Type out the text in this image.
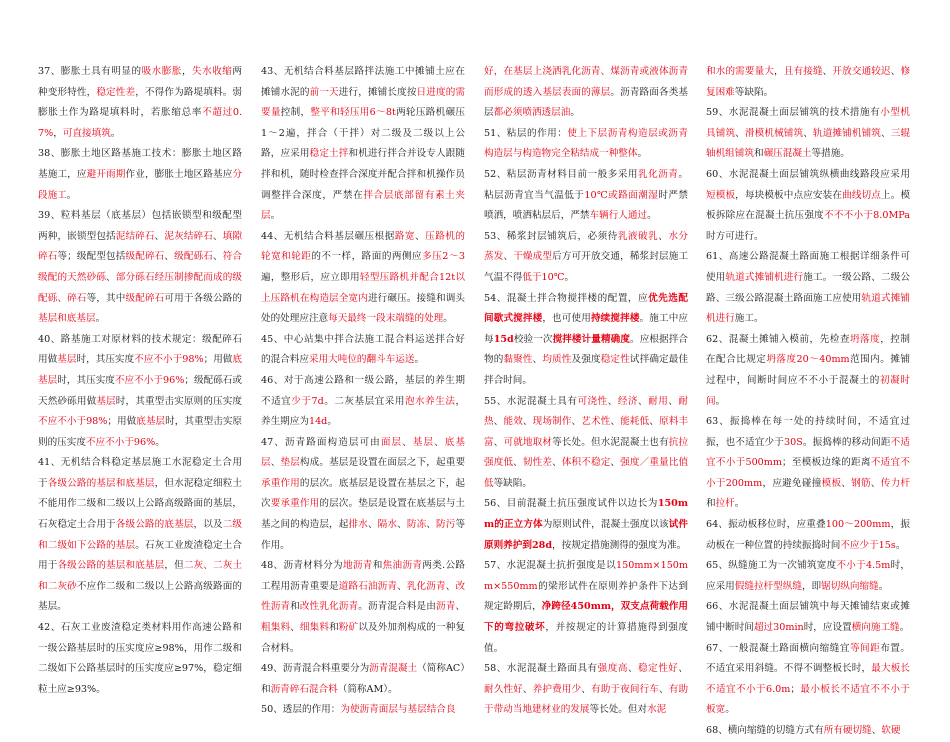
37、膨胀土具有明显的吸水膨胀，失水收缩两种变形特性，稳定性差，不得作为路堤填料。弱膨胀土作为路堤填料时，若胀缩总率不超过0.7%，可直接填筑。

38、膨胀土地区路基施工技术：膨胀土地区路基施工，应避开雨期作业，膨胀土地区路基应分段施工。

39、粒料基层（底基层）包括嵌锁型和级配型两种，嵌锁型包括泥结碎石、泥灰结碎石、填隙碎石等；级配型包括级配碎石、级配砾石、符合级配的天然砂砾、部分砾石经压制掺配而成的级配砾、碎石等，其中级配碎石可用于各级公路的基层和底基层。

40、路基施工对原材料的技术规定：级配碎石用做基层时，其压实度不应不小于98%；用做底基层时，其压实度不应不小于96%；级配砾石或天然砂砾用做基层时，其重型击实原则的压实度不应不小于98%；用做底基层时，其重型击实原则的压实度不应不小于96%。

41、无机结合料稳定基层施工水泥稳定土合用于各级公路的基层和底基层，但水泥稳定细粒土不能用作二级和二级以上公路高级路面的基层，石灰稳定土合用于各级公路的底基层，以及二级和二级如下公路的基层。石灰工业废渣稳定土合用于各级公路的基层和底基层，但二灰、二灰土和二灰砂不应作二级和二级以上公路高级路面的基层。

42、石灰工业废渣稳定类材料用作高速公路和一级公路基层时的压实度应≥98%，用作二级和二级如下公路基层时的压实度应≥97%，稳定细粒土应≥93%。

43、无机结合料基层路拌法施工中摊铺土应在摊铺水泥的前一天进行，摊铺长度按日进度的需要量控制，整平和轻压用6～8t两轮压路机碾压1～2遍，拌合（干拌）对二级及二级以上公路，应采用稳定土拌和机进行拌合并设专人跟随拌和机，随时检查拌合深度并配合拌和机操作员调整拌合深度，严禁在拌合层底部留有素土夹层。

44、无机结合料基层碾压根据路宽、压路机的轮宽和轮距的不一样，路面的两侧应多压2～3遍，整形后，应立即用轻型压路机并配合12t以上压路机在构造层全宽内进行碾压。接缝和调头处的处理应注意每天最终一段末端缝的处理。

45、中心站集中拌合法施工混合料运送拌合好的混合料应采用大吨位的翻斗车运送。

46、对于高速公路和一级公路，基层的养生期不适宜少于7d。二灰基层宜采用泡水养生法，养生期应为14d。

47、沥青路面构造层可由面层、基层、底基层、垫层构成。基层是设置在面层之下，起重要承重作用的层次。底基层是设置在基层之下，起次要承重作用的层次。垫层是设置在底基层与土基之间的构造层，起排水、隔水、防冻、防污等作用。

48、沥青材料分为地沥青和焦油沥青两类.公路工程用沥青重要是道路石油沥青、乳化沥青、改性沥青和改性乳化沥青。沥青混合料是由沥青、粗集料、细集料和粉矿以及外加剂构成的一种复合材料。

49、沥青混合料重要分为沥青混凝土（简称AC）和沥青碎石混合料（简称AM）。

50、透层的作用：为使沥青面层与基层结合良

好，在基层上浇洒乳化沥青、煤沥青或液体沥青而形成的透入基层表面的薄层。沥青路面各类基层都必须喷洒透层油。

51、粘层的作用：使上下层沥青构造层或沥青构造层与构造物完全粘结成一种整体。

52、粘层沥青材料目前一般多采用乳化沥青。粘层沥青宜当气温低于10℃或路面潮湿时严禁喷洒，喷洒粘层后，严禁车辆行人通过。

53、稀浆封层铺筑后，必须待乳液破乳、水分蒸发、干燥成型后方可开放交通，稀浆封层施工气温不得低于10℃。

54、混凝土拌合物搅拌楼的配置，应优先选配间歇式搅拌楼，也可使用持续搅拌楼。施工中应每15d校验一次搅拌楼计量精确度。应根据拌合物的黏聚性、均质性及强度稳定性试拌确定最佳拌合时间。

55、水泥混凝土具有可浇性、经济、耐用、耐热、能效、现场制作、艺术性、能耗低、原料丰富、可就地取材等长处。但水泥混凝土也有抗拉强度低、韧性差、体积不稳定、强度／重量比值低等缺陷。

56、目前混凝土抗压强度试件以边长为150mm的正立方体为原则试件，混凝土强度以该试件原则养护到28d，按规定措施测得的强度为准。

57、水泥混凝土抗折强度是以150mm×150mm×550mm的梁形试件在原则养护条件下达到规定龄期后，净跨径450mm，双支点荷载作用下的弯拉破坏，并按规定的计算措施得到强度值。

58、水泥混凝土路面具有强度高、稳定性好、耐久性好、养护费用少、有助于夜间行车、有助于带动当地建材业的发展等长处。但对水泥

和水的需要量大，且有接缝、开放交通较迟、修复困难等缺陷。

59、水泥混凝土面层铺筑的技术措施有小型机具铺筑、滑模机械铺筑、轨道摊铺机铺筑、三辊轴机组铺筑和碾压混凝土等措施。

60、水泥混凝土面层铺筑纵横曲线路段应采用短模板，每块模板中点应安装在曲线切点上。模板拆除应在混凝土抗压强度不不不小于8.0MPa时方可进行。

61、高速公路混凝土路面施工根据详细条件可使用轨道式摊铺机进行施工。一级公路、二级公路、三级公路混凝土路面施工应使用轨道式摊铺机进行施工。

62、混凝土摊铺入模前，先检查坍落度，控制在配合比规定坍落度20～40mm范围内。摊铺过程中，间断时间应不不小于混凝土的初凝时间。

63、振捣棒在每一处的持续时间，不适宜过振，也不适宜少于30S。振捣棒的移动间距不适宜不小于500mm；至模板边缘的距离不适宜不小于200mm，应避免碰撞模板、钢筋、传力杆和拉杆。

64、振动板移位时，应重叠100～200mm，振动板在一种位置的持续振捣时间不应少于15s。

65、纵缝施工为一次铺筑宽度不小于4.5m时，应采用假缝拉杆型纵缝，即锯切纵向缩缝。

66、水泥混凝土面层铺筑中每天摊铺结束或摊铺中断时间超过30min时，应设置横向施工缝。

67、一般混凝土路面横向缩缝宜等间距布置。不适宜采用斜缝。不得不调整板长时，最大板长不适宜不小于6.0m；最小板长不适宜不不小于板宽。

68、横向缩缝的切缝方式有所有硬切缝、软硬
